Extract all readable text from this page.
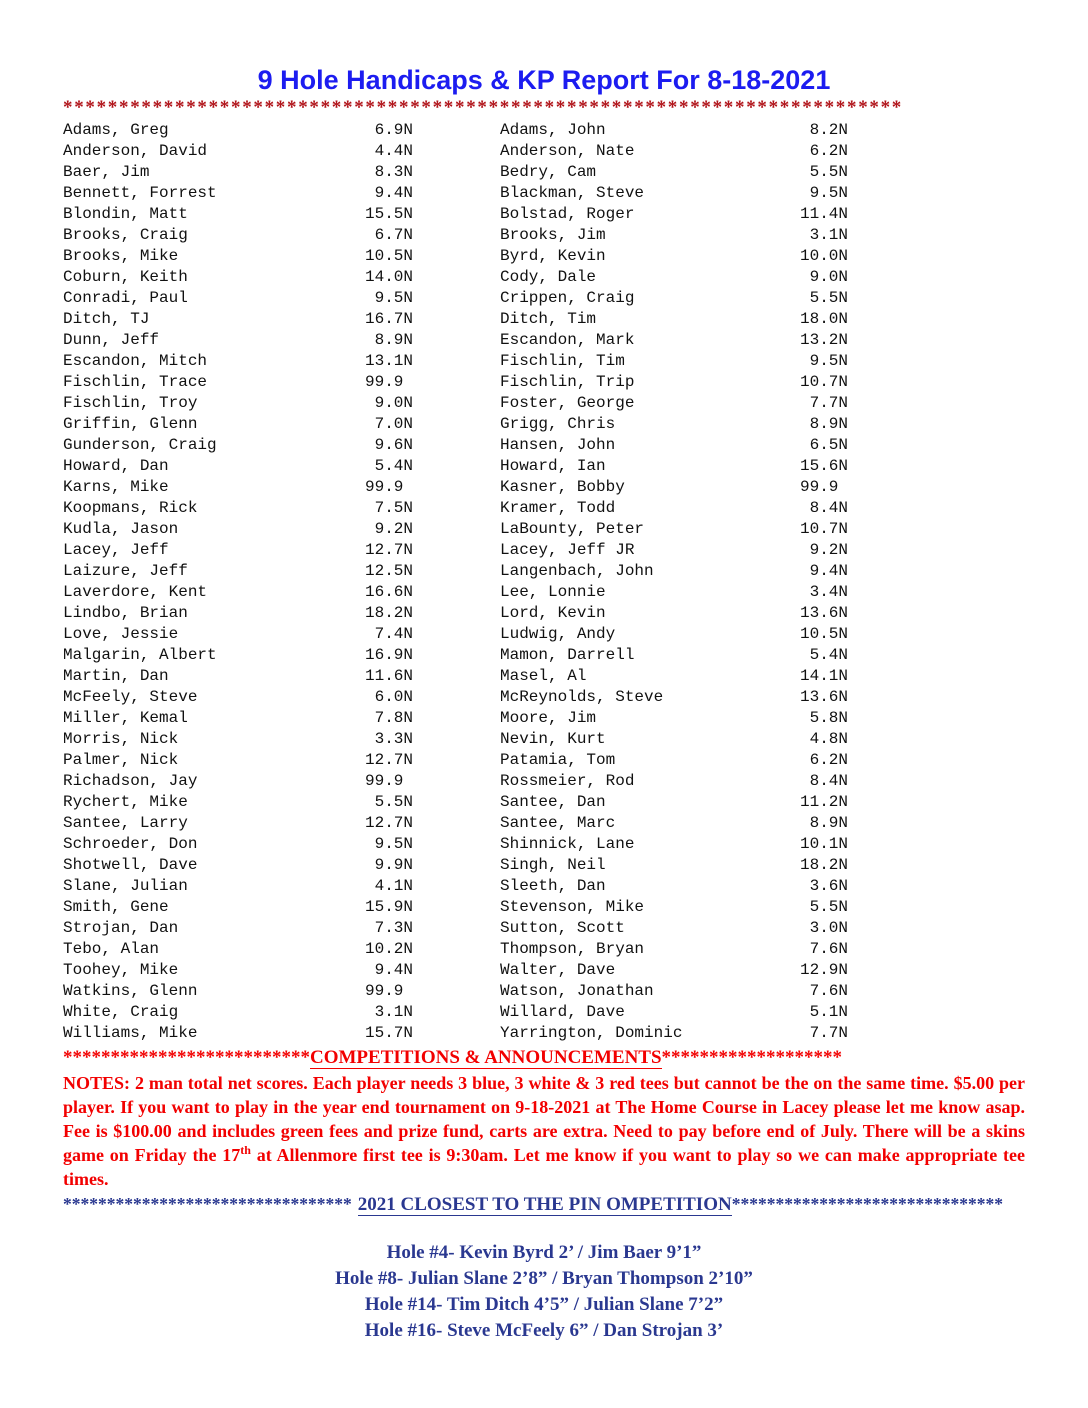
9 Hole Handicaps & KP Report For 8-18-2021
***************************************************************************
Adams, Greg	6.9N	Adams, John	8.2N
Anderson, David	4.4N	Anderson, Nate	6.2N
Baer, Jim	8.3N	Bedry, Cam	5.5N
Bennett, Forrest	9.4N	Blackman, Steve	9.5N
Blondin, Matt	15.5N	Bolstad, Roger	11.4N
Brooks, Craig	6.7N	Brooks, Jim	3.1N
Brooks, Mike	10.5N	Byrd, Kevin	10.0N
Coburn, Keith	14.0N	Cody, Dale	9.0N
Conradi, Paul	9.5N	Crippen, Craig	5.5N
Ditch, TJ	16.7N	Ditch, Tim	18.0N
Dunn, Jeff	8.9N	Escandon, Mark	13.2N
Escandon, Mitch	13.1N	Fischlin, Tim	9.5N
Fischlin, Trace	99.9	Fischlin, Trip	10.7N
Fischlin, Troy	9.0N	Foster, George	7.7N
Griffin, Glenn	7.0N	Grigg, Chris	8.9N
Gunderson, Craig	9.6N	Hansen, John	6.5N
Howard, Dan	5.4N	Howard, Ian	15.6N
Karns, Mike	99.9	Kasner, Bobby	99.9
Koopmans, Rick	7.5N	Kramer, Todd	8.4N
Kudla, Jason	9.2N	LaBounty, Peter	10.7N
Lacey, Jeff	12.7N	Lacey, Jeff JR	9.2N
Laizure, Jeff	12.5N	Langenbach, John	9.4N
Laverdore, Kent	16.6N	Lee, Lonnie	3.4N
Lindbo, Brian	18.2N	Lord, Kevin	13.6N
Love, Jessie	7.4N	Ludwig, Andy	10.5N
Malgarin, Albert	16.9N	Mamon, Darrell	5.4N
Martin, Dan	11.6N	Masel, Al	14.1N
McFeely, Steve	6.0N	McReynolds, Steve	13.6N
Miller, Kemal	7.8N	Moore, Jim	5.8N
Morris, Nick	3.3N	Nevin, Kurt	4.8N
Palmer, Nick	12.7N	Patamia, Tom	6.2N
Richadson, Jay	99.9	Rossmeier, Rod	8.4N
Rychert, Mike	5.5N	Santee, Dan	11.2N
Santee, Larry	12.7N	Santee, Marc	8.9N
Schroeder, Don	9.5N	Shinnick, Lane	10.1N
Shotwell, Dave	9.9N	Singh, Neil	18.2N
Slane, Julian	4.1N	Sleeth, Dan	3.6N
Smith, Gene	15.9N	Stevenson, Mike	5.5N
Strojan, Dan	7.3N	Sutton, Scott	3.0N
Tebo, Alan	10.2N	Thompson, Bryan	7.6N
Toohey, Mike	9.4N	Walter, Dave	12.9N
Watkins, Glenn	99.9	Watson, Jonathan	7.6N
White, Craig	3.1N	Willard, Dave	5.1N
Williams, Mike	15.7N	Yarrington, Dominic	7.7N
**************************COMPETITIONS & ANNOUNCEMENTS*******************
NOTES: 2 man total net scores. Each player needs 3 blue, 3 white & 3 red tees but cannot be the on the same time. $5.00 per player. If you want to play in the year end tournament on 9-18-2021 at The Home Course in Lacey please let me know asap. Fee is $100.00 and includes green fees and prize fund, carts are extra. Need to pay before end of July. There will be a skins game on Friday the 17th at Allenmore first tee is 9:30am. Let me know if you want to play so we can make appropriate tee times.
********************************* 2021 CLOSEST TO THE PIN OMPETITION*******************************
Hole #4- Kevin Byrd 2’ / Jim Baer 9’1”
Hole #8- Julian Slane 2’8” / Bryan Thompson 2’10”
Hole #14- Tim Ditch 4’5” / Julian Slane 7’2”
Hole #16- Steve McFeely 6” / Dan Strojan 3’
